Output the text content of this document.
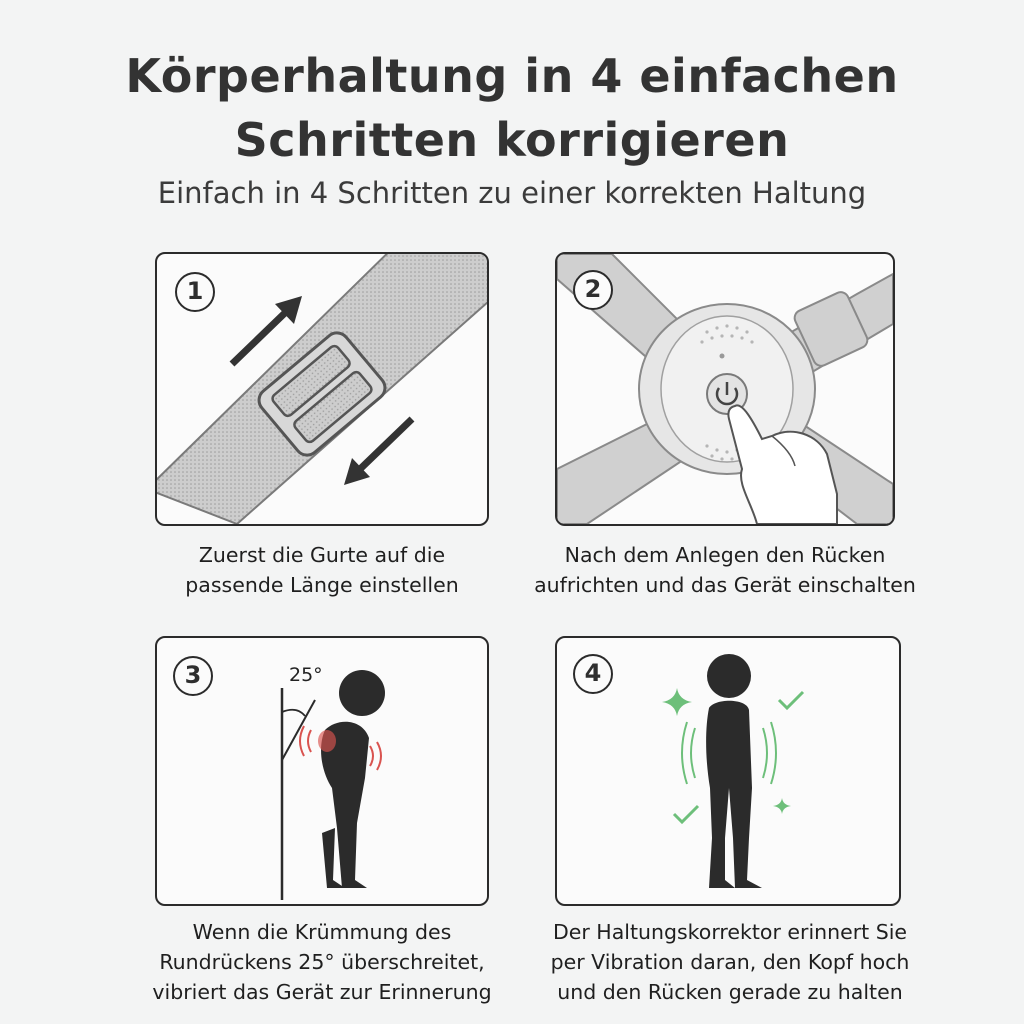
Körperhaltung in 4 einfachen
Schritten korrigieren
Einfach in 4 Schritten zu einer korrekten Haltung
1
Zuerst die Gurte auf die
passende Länge einstellen
2
Nach dem Anlegen den Rücken
aufrichten und das Gerät einschalten
25°
3
Wenn die Krümmung des
Rundrückens 25° überschreitet,
vibriert das Gerät zur Erinnerung
4
Der Haltungskorrektor erinnert Sie
per Vibration daran, den Kopf hoch
und den Rücken gerade zu halten
